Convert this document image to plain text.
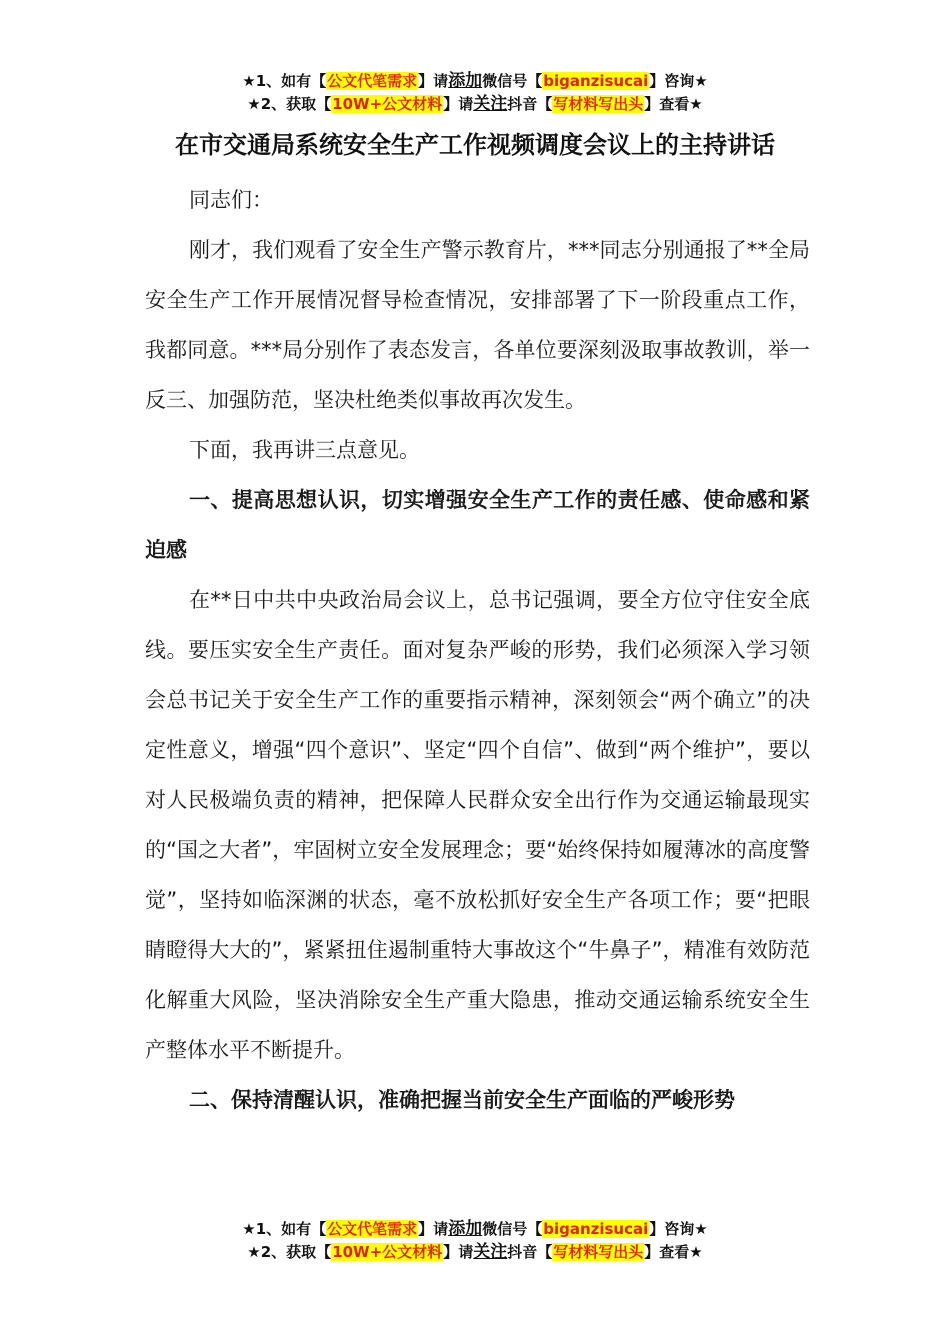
★1、如有【公文代笔需求】请添加微信号【biganzisucai】咨询★
★2、获取【10W+公文材料】请关注抖音【写材料写出头】查看★
在市交通局系统安全生产工作视频调度会议上的主持讲话

同志们：

刚才，我们观看了安全生产警示教育片，***同志分别通报了**全局安全生产工作开展情况督导检查情况，安排部署了下一阶段重点工作，我都同意。***局分别作了表态发言，各单位要深刻汲取事故教训，举一反三、加强防范，坚决杜绝类似事故再次发生。

下面，我再讲三点意见。

一、提高思想认识，切实增强安全生产工作的责任感、使命感和紧迫感

在**日中共中央政治局会议上，总书记强调，要全方位守住安全底线。要压实安全生产责任。面对复杂严峻的形势，我们必须深入学习领会总书记关于安全生产工作的重要指示精神，深刻领会“两个确立”的决定性意义，增强“四个意识”、坚定“四个自信”、做到“两个维护”，要以对人民极端负责的精神，把保障人民群众安全出行作为交通运输最现实的“国之大者”，牢固树立安全发展理念；要“始终保持如履薄冰的高度警觉”，坚持如临深渊的状态，毫不放松抓好安全生产各项工作；要“把眼睛瞪得大大的”，紧紧扭住遏制重特大事故这个“牛鼻子”，精准有效防范化解重大风险，坚决消除安全生产重大隐患，推动交通运输系统安全生产整体水平不断提升。

二、保持清醒认识，准确把握当前安全生产面临的严峻形势

★1、如有【公文代笔需求】请添加微信号【biganzisucai】咨询★
★2、获取【10W+公文材料】请关注抖音【写材料写出头】查看★
